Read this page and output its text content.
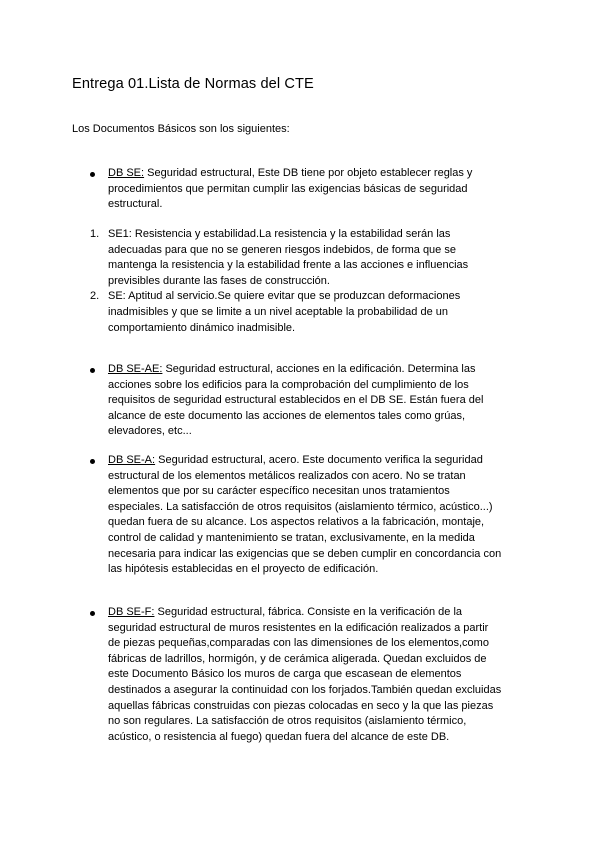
Entrega 01.Lista de Normas del CTE
Los Documentos Básicos son los siguientes:
DB SE: Seguridad estructural, Este DB tiene por objeto establecer reglas y procedimientos que permitan cumplir las exigencias básicas de seguridad estructural.
1. SE1: Resistencia y estabilidad.La resistencia y la estabilidad serán las adecuadas para que no se generen riesgos indebidos, de forma que se mantenga la resistencia y la estabilidad frente a las acciones e influencias previsibles durante las fases de construcción.
2. SE: Aptitud al servicio.Se quiere evitar que se produzcan deformaciones inadmisibles y que se limite a un nivel aceptable la probabilidad de un comportamiento dinámico inadmisible.
DB SE-AE: Seguridad estructural, acciones en la edificación. Determina las acciones sobre los edificios para la comprobación del cumplimiento de los requisitos de seguridad estructural establecidos en el DB SE. Están fuera del alcance de este documento las acciones de elementos tales como grúas, elevadores, etc...
DB SE-A: Seguridad estructural, acero. Este documento verifica la seguridad estructural de los elementos metálicos realizados con acero. No se tratan elementos que por su carácter específico necesitan unos tratamientos especiales. La satisfacción de otros requisitos (aislamiento térmico, acústico...) quedan fuera de su alcance. Los aspectos relativos a la fabricación, montaje, control de calidad y mantenimiento se tratan, exclusivamente, en la medida necesaria para indicar las exigencias que se deben cumplir en concordancia con las hipótesis establecidas en el proyecto de edificación.
DB SE-F: Seguridad estructural, fábrica. Consiste en la verificación de la seguridad estructural de muros resistentes en la edificación realizados a partir de piezas pequeñas,comparadas con las dimensiones de los elementos,como fábricas de ladrillos, hormigón, y de cerámica aligerada. Quedan excluidos de este Documento Básico los muros de carga que escasean de elementos destinados a asegurar la continuidad con los forjados.También quedan excluidas aquellas fábricas construidas con piezas colocadas en seco y la que las piezas no son regulares. La satisfacción de otros requisitos (aislamiento térmico, acústico, o resistencia al fuego) quedan fuera del alcance de este DB.
